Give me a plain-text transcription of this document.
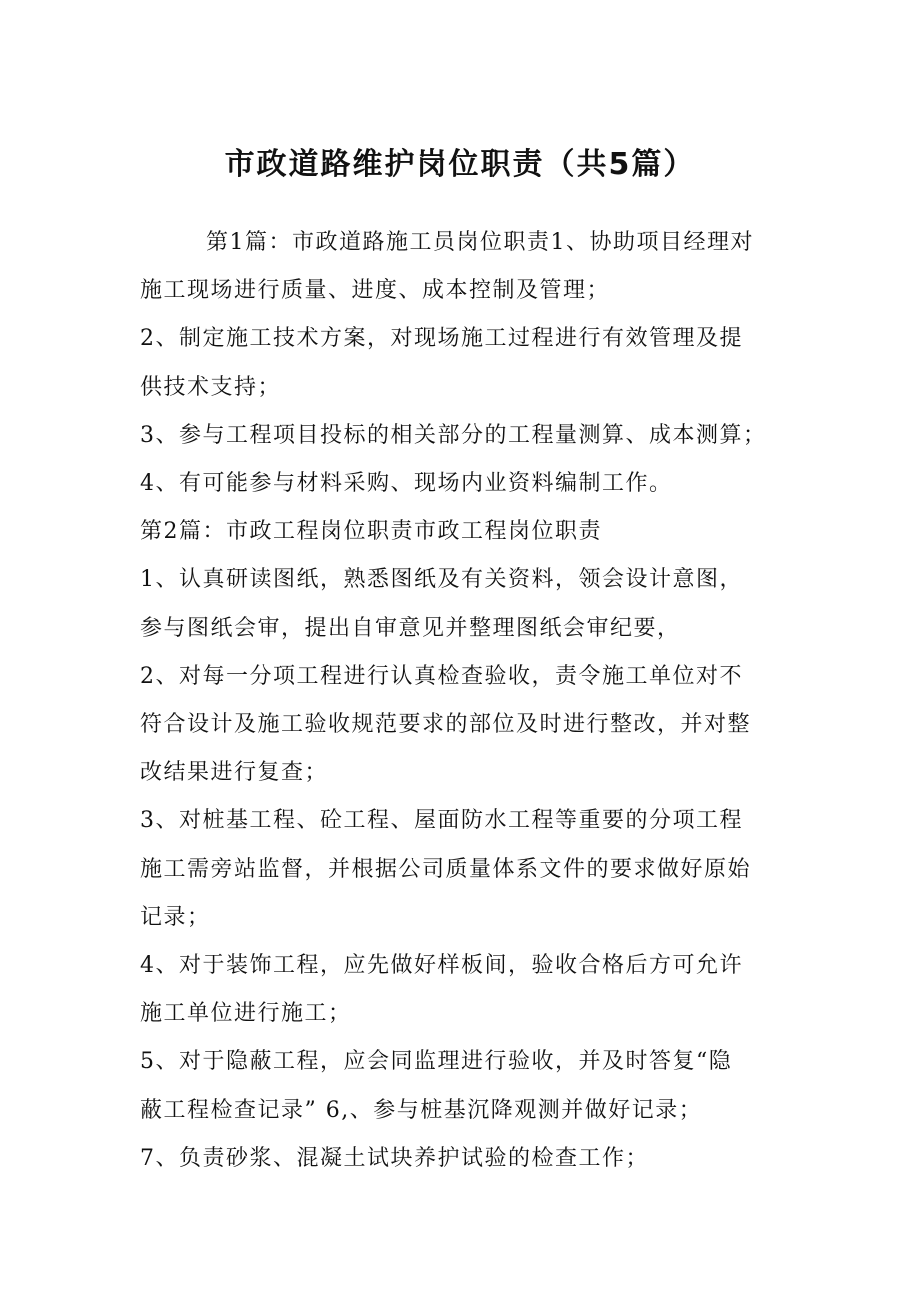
市政道路维护岗位职责（共5篇）

第1篇：市政道路施工员岗位职责1、协助项目经理对

施工现场进行质量、进度、成本控制及管理；

2、制定施工技术方案，对现场施工过程进行有效管理及提

供技术支持；

3、参与工程项目投标的相关部分的工程量测算、成本测算；

4、有可能参与材料采购、现场内业资料编制工作。

第2篇：市政工程岗位职责市政工程岗位职责

1、认真研读图纸，熟悉图纸及有关资料，领会设计意图，

参与图纸会审，提出自审意见并整理图纸会审纪要，

2、对每一分项工程进行认真检查验收，责令施工单位对不

符合设计及施工验收规范要求的部位及时进行整改，并对整

改结果进行复查；

3、对桩基工程、砼工程、屋面防水工程等重要的分项工程

施工需旁站监督，并根据公司质量体系文件的要求做好原始

记录；

4、对于装饰工程，应先做好样板间，验收合格后方可允许

施工单位进行施工；

5、对于隐蔽工程，应会同监理进行验收，并及时答复“隐

蔽工程检查记录” 6,、参与桩基沉降观测并做好记录；

7、负责砂浆、混凝土试块养护试验的检查工作；
